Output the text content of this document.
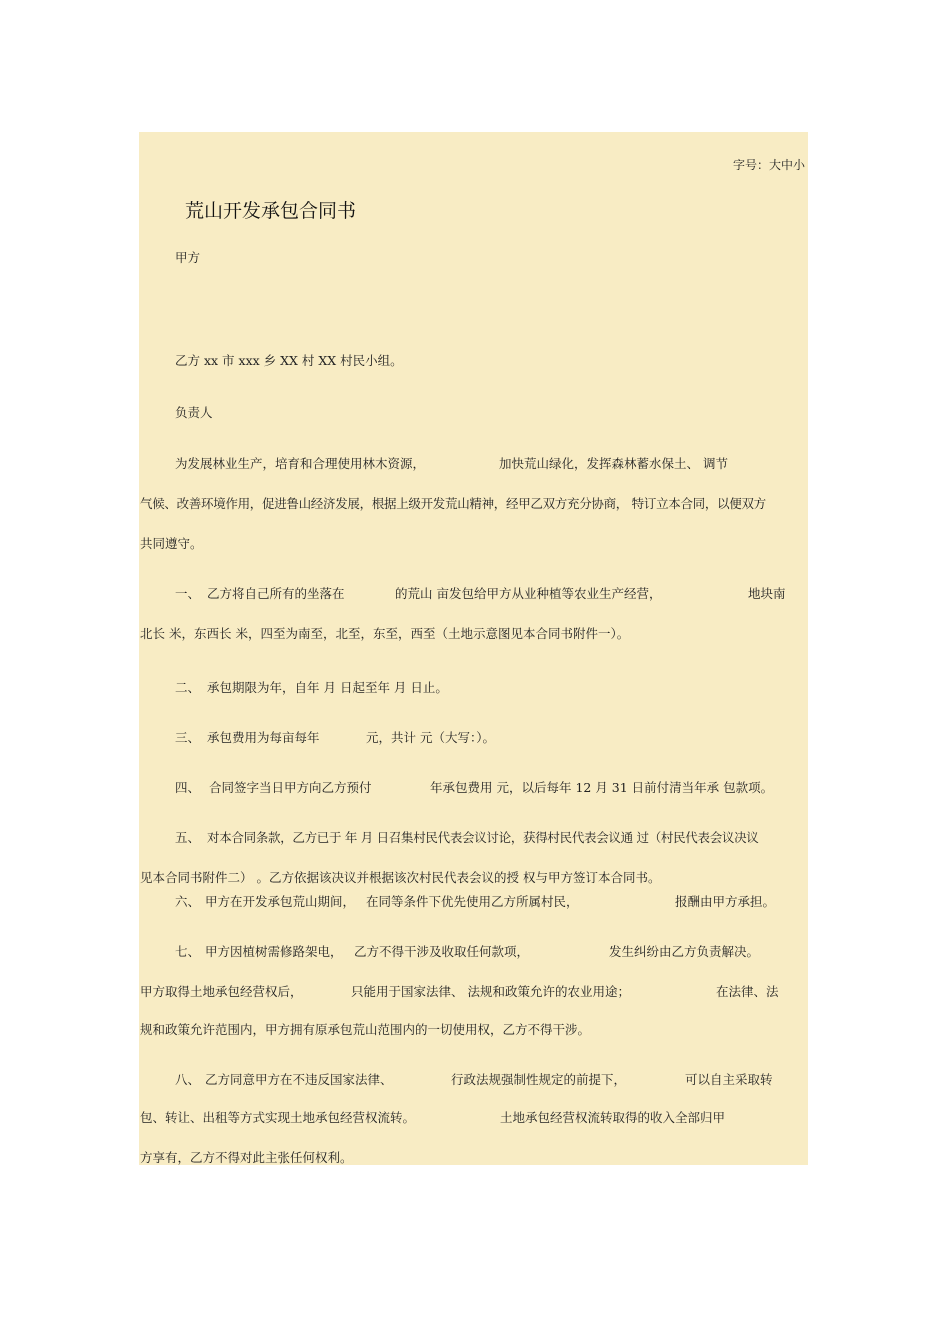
字号：大中小
荒山开发承包合同书
甲方
乙方 xx 市 xxx 乡 XX 村 XX 村民小组。
负责人
为发展林业生产，培育和合理使用林木资源，	加快荒山绿化，发挥森林蓄水保土、 调节
气候、改善环境作用，促进鲁山经济发展，根据上级开发荒山精神，经甲乙双方充分协商， 特订立本合同，以便双方
共同遵守。
一、 乙方将自己所有的坐落在	的荒山 亩发包给甲方从业种植等农业生产经营，	地块南
北长 米，东西长 米，四至为南至，北至，东至，西至（土地示意图见本合同书附件一）。
二、 承包期限为年，自年 月 日起至年 月 日止。
三、 承包费用为每亩每年	元，共计 元（大写：）。
四、 合同签字当日甲方向乙方预付	年承包费用 元，以后每年 12 月 31 日前付清当年承 包款项。
五、 对本合同条款，乙方已于 年 月 日召集村民代表会议讨论，获得村民代表会议通 过（村民代表会议决议
见本合同书附件二） 。乙方依据该决议并根据该次村民代表会议的授 权与甲方签订本合同书。
六、 甲方在开发承包荒山期间， 在同等条件下优先使用乙方所属村民，	报酬由甲方承担。
七、 甲方因植树需修路架电， 乙方不得干涉及收取任何款项，	发生纠纷由乙方负责解决。
甲方取得土地承包经营权后，	只能用于国家法律、 法规和政策允许的农业用途；	在法律、法
规和政策允许范围内，甲方拥有原承包荒山范围内的一切使用权，乙方不得干涉。
八、 乙方同意甲方在不违反国家法律、	行政法规强制性规定的前提下，	可以自主采取转
包、转让、出租等方式实现土地承包经营权流转。	土地承包经营权流转取得的收入全部归甲
方享有，乙方不得对此主张任何权利。
